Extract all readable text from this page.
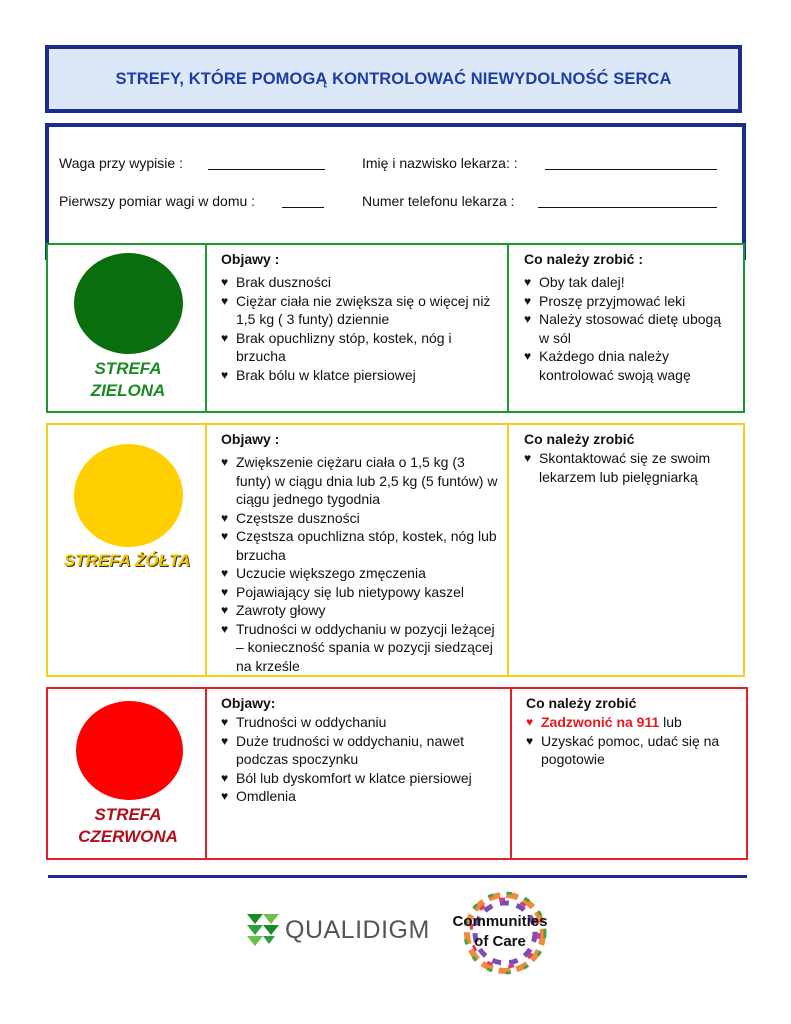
STREFY, KTÓRE POMOGĄ KONTROLOWAĆ NIEWYDOLNOŚĆ SERCA
Waga przy wypisie :	Imię i nazwisko lekarza: :
Pierwszy pomiar wagi w domu :	Numer telefonu lekarza :
STREFA
ZIELONA
Objawy :
♥ Brak duszności
♥ Ciężar ciała nie zwiększa się o więcej niż 1,5 kg ( 3 funty) dziennie
♥ Brak opuchlizny stóp, kostek, nóg i brzucha
♥ Brak bólu w klatce piersiowej
Co należy zrobić :
♥ Oby tak dalej!
♥ Proszę przyjmować leki
♥ Należy stosować dietę ubogą w sól
♥ Każdego dnia należy kontrolować swoją wagę
STREFA ŻÓŁTA
Objawy :
♥ Zwiększenie ciężaru ciała o 1,5 kg (3 funty) w ciągu dnia lub 2,5 kg (5 funtów) w ciągu jednego tygodnia
♥ Częstsze duszności
♥ Częstsza opuchlizna stóp, kostek, nóg lub brzucha
♥ Uczucie większego zmęczenia
♥ Pojawiający się lub nietypowy kaszel
♥ Zawroty głowy
♥ Trudności w oddychaniu w pozycji leżącej – konieczność spania w pozycji siedzącej na krześle
Co należy zrobić
♥ Skontaktować się ze swoim lekarzem lub pielęgniarką
STREFA
CZERWONA
Objawy:
♥ Trudności w oddychaniu
♥ Duże trudności w oddychaniu, nawet podczas spoczynku
♥ Ból lub dyskomfort w klatce piersiowej
♥ Omdlenia
Co należy zrobić
♥ Zadzwonić na 911 lub
♥ Uzyskać pomoc, udać się na pogotowie
QUALIDIGM	Communities
of Care
